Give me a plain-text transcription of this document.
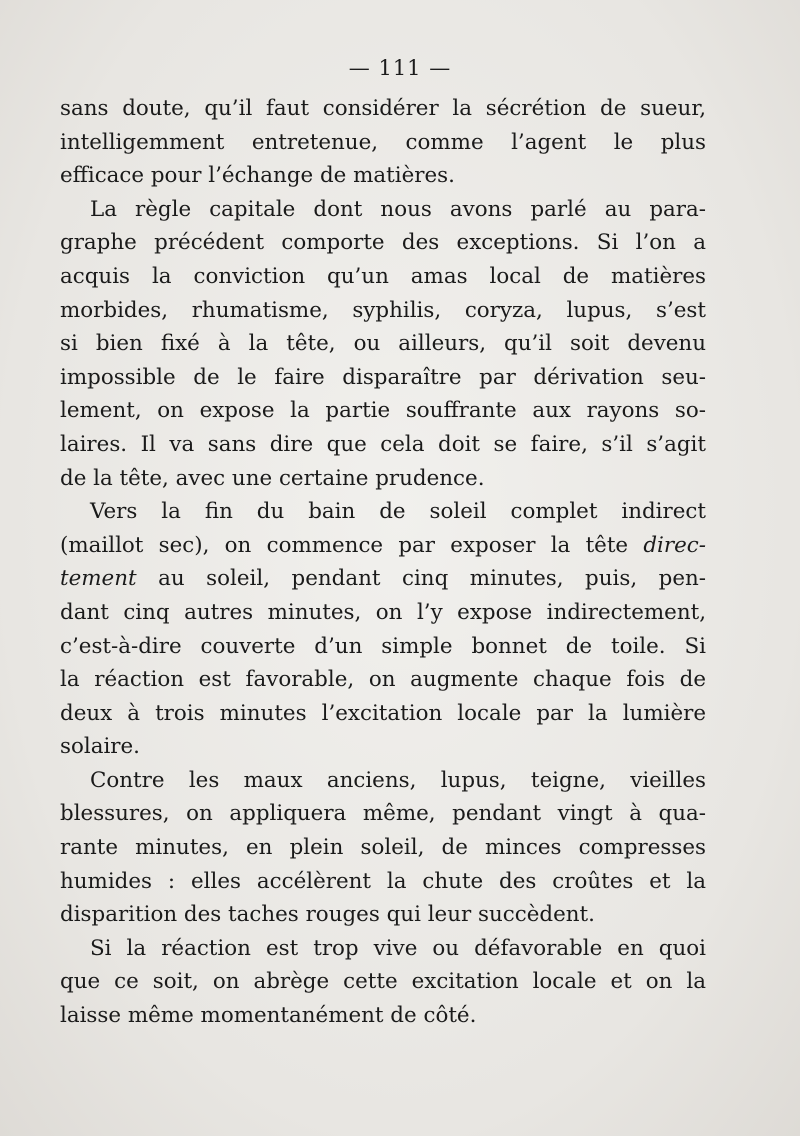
— 111 —
sans doute, qu’il faut considérer la sécrétion de sueur,
intelligemment entretenue, comme l’agent le plus
efficace pour l’échange de matières.
La règle capitale dont nous avons parlé au para-
graphe précédent comporte des exceptions. Si l’on a
acquis la conviction qu’un amas local de matières
morbides, rhumatisme, syphilis, coryza, lupus, s’est
si bien fixé à la tête, ou ailleurs, qu’il soit devenu
impossible de le faire disparaître par dérivation seu-
lement, on expose la partie souffrante aux rayons so-
laires. Il va sans dire que cela doit se faire, s’il s’agit
de la tête, avec une certaine prudence.
Vers la fin du bain de soleil complet indirect
(maillot sec), on commence par exposer la tête direc-
tement au soleil, pendant cinq minutes, puis, pen-
dant cinq autres minutes, on l’y expose indirectement,
c’est-à-dire couverte d’un simple bonnet de toile. Si
la réaction est favorable, on augmente chaque fois de
deux à trois minutes l’excitation locale par la lumière
solaire.
Contre les maux anciens, lupus, teigne, vieilles
blessures, on appliquera même, pendant vingt à qua-
rante minutes, en plein soleil, de minces compresses
humides : elles accélèrent la chute des croûtes et la
disparition des taches rouges qui leur succèdent.
Si la réaction est trop vive ou défavorable en quoi
que ce soit, on abrège cette excitation locale et on la
laisse même momentanément de côté.
